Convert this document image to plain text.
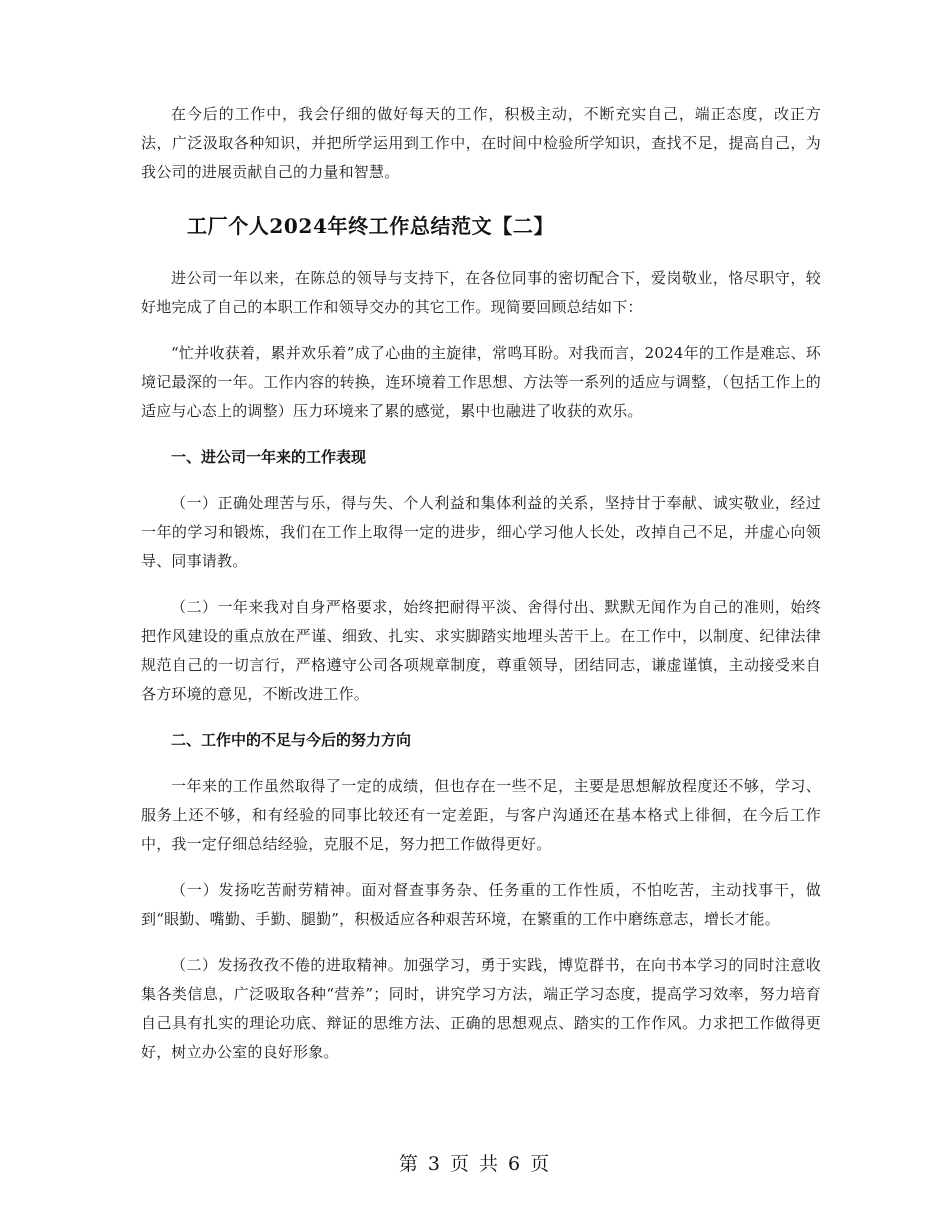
在今后的工作中，我会仔细的做好每天的工作，积极主动，不断充实自己，端正态度，改正方法，广泛汲取各种知识，并把所学运用到工作中，在时间中检验所学知识，查找不足，提高自己，为我公司的进展贡献自己的力量和智慧。

工厂个人2024年终工作总结范文【二】

进公司一年以来，在陈总的领导与支持下，在各位同事的密切配合下，爱岗敬业，恪尽职守，较好地完成了自己的本职工作和领导交办的其它工作。现简要回顾总结如下：

“忙并收获着，累并欢乐着”成了心曲的主旋律，常鸣耳盼。对我而言，2024年的工作是难忘、环境记最深的一年。工作内容的转换，连环境着工作思想、方法等一系列的适应与调整，（包括工作上的适应与心态上的调整）压力环境来了累的感觉，累中也融进了收获的欢乐。

一、进公司一年来的工作表现

（一）正确处理苦与乐，得与失、个人利益和集体利益的关系，坚持甘于奉献、诚实敬业，经过一年的学习和锻炼，我们在工作上取得一定的进步，细心学习他人长处，改掉自己不足，并虚心向领导、同事请教。

（二）一年来我对自身严格要求，始终把耐得平淡、舍得付出、默默无闻作为自己的准则，始终把作风建设的重点放在严谨、细致、扎实、求实脚踏实地埋头苦干上。在工作中，以制度、纪律法律规范自己的一切言行，严格遵守公司各项规章制度，尊重领导，团结同志，谦虚谨慎，主动接受来自各方环境的意见，不断改进工作。

二、工作中的不足与今后的努力方向

一年来的工作虽然取得了一定的成绩，但也存在一些不足，主要是思想解放程度还不够，学习、服务上还不够，和有经验的同事比较还有一定差距，与客户沟通还在基本格式上徘徊，在今后工作中，我一定仔细总结经验，克服不足，努力把工作做得更好。

（一）发扬吃苦耐劳精神。面对督查事务杂、任务重的工作性质，不怕吃苦，主动找事干，做到“眼勤、嘴勤、手勤、腿勤”，积极适应各种艰苦环境，在繁重的工作中磨练意志，增长才能。

（二）发扬孜孜不倦的进取精神。加强学习，勇于实践，博览群书，在向书本学习的同时注意收集各类信息，广泛吸取各种“营养”；同时，讲究学习方法，端正学习态度，提高学习效率，努力培育自己具有扎实的理论功底、辩证的思维方法、正确的思想观点、踏实的工作作风。力求把工作做得更好，树立办公室的良好形象。

第 3 页 共 6 页
